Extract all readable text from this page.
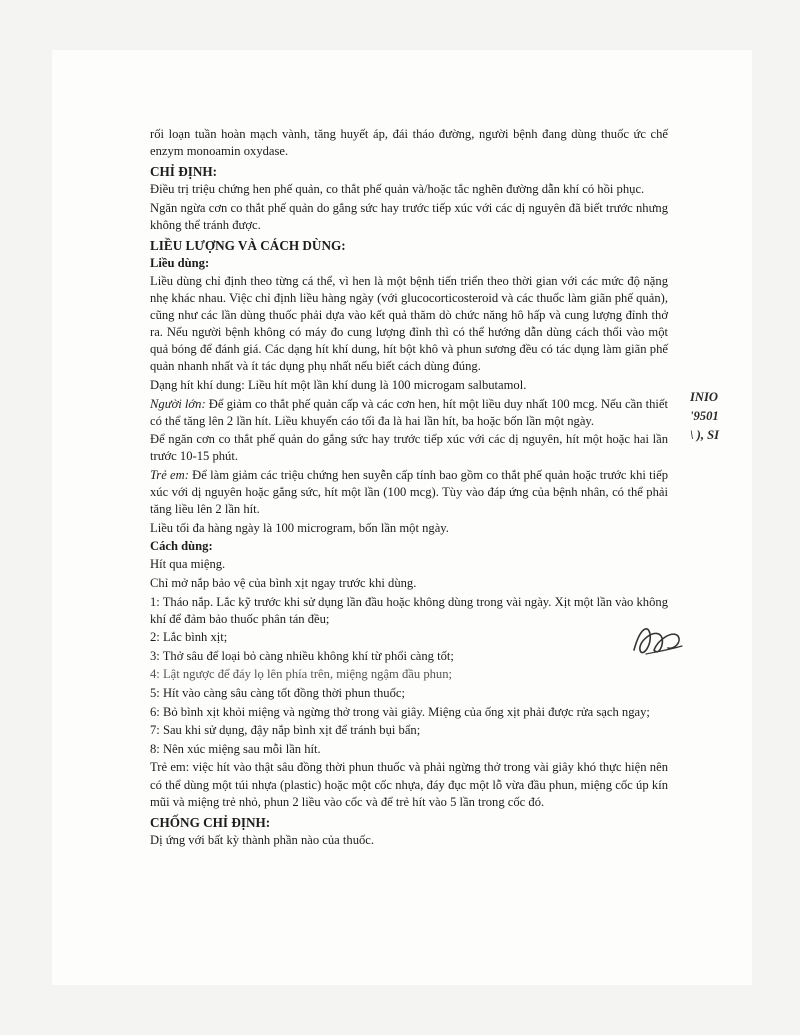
rối loạn tuần hoàn mạch vành, tăng huyết áp, đái tháo đường, người bệnh đang dùng thuốc ức chế enzym monoamin oxydase.

CHỈ ĐỊNH:

Điều trị triệu chứng hen phế quản, co thắt phế quản và/hoặc tắc nghẽn đường dẫn khí có hồi phục.

Ngăn ngừa cơn co thắt phế quản do gắng sức hay trước tiếp xúc với các dị nguyên đã biết trước nhưng không thể tránh được.

LIỀU LƯỢNG VÀ CÁCH DÙNG:
Liều dùng:

Liều dùng chỉ định theo từng cá thể, vì hen là một bệnh tiến triển theo thời gian với các mức độ nặng nhẹ khác nhau. Việc chỉ định liều hàng ngày (với glucocorticosteroid và các thuốc làm giãn phế quản), cũng như các lần dùng thuốc phải dựa vào kết quả thăm dò chức năng hô hấp và cung lượng đỉnh thở ra. Nếu người bệnh không có máy đo cung lượng đỉnh thì có thể hướng dẫn dùng cách thổi vào một quả bóng để đánh giá. Các dạng hít khí dung, hít bột khô và phun sương đều có tác dụng làm giãn phế quản nhanh nhất và ít tác dụng phụ nhất nếu biết cách dùng đúng.

Dạng hít khí dung: Liều hít một lần khí dung là 100 microgam salbutamol.

Người lớn: Để giảm co thắt phế quản cấp và các cơn hen, hít một liều duy nhất 100 mcg. Nếu cần thiết có thể tăng lên 2 lần hít. Liều khuyến cáo tối đa là hai lần hít, ba hoặc bốn lần một ngày.

Để ngăn cơn co thắt phế quản do gắng sức hay trước tiếp xúc với các dị nguyên, hít một hoặc hai lần trước 10-15 phút.

Trẻ em: Để làm giảm các triệu chứng hen suyễn cấp tính bao gồm co thắt phế quản hoặc trước khi tiếp xúc với dị nguyên hoặc gắng sức, hít một lần (100 mcg). Tùy vào đáp ứng của bệnh nhân, có thể phải tăng liều lên 2 lần hít.

Liều tối đa hàng ngày là 100 microgram, bốn lần một ngày.

Cách dùng:

Hít qua miệng.

Chỉ mở nắp bảo vệ của bình xịt ngay trước khi dùng.

1: Tháo nắp. Lắc kỹ trước khi sử dụng lần đầu hoặc không dùng trong vài ngày. Xịt một lần vào không khí để đảm bảo thuốc phân tán đều;

2: Lắc bình xịt;

3: Thở sâu để loại bỏ càng nhiều không khí từ phổi càng tốt;

4: Lật ngược để đáy lọ lên phía trên, miệng ngậm đầu phun;

5: Hít vào càng sâu càng tốt đồng thời phun thuốc;

6: Bỏ bình xịt khỏi miệng và ngừng thở trong vài giây. Miệng của ống xịt phải được rửa sạch ngay;

7: Sau khi sử dụng, đậy nắp bình xịt để tránh bụi bẩn;

8: Nên xúc miệng sau mỗi lần hít.

Trẻ em: việc hít vào thật sâu đồng thời phun thuốc và phải ngừng thở trong vài giây khó thực hiện nên có thể dùng một túi nhựa (plastic) hoặc một cốc nhựa, đáy đục một lỗ vừa đầu phun, miệng cốc úp kín mũi và miệng trẻ nhỏ, phun 2 liều vào cốc và để trẻ hít vào 5 lần trong cốc đó.

CHỐNG CHỈ ĐỊNH:

Dị ứng với bất kỳ thành phần nào của thuốc.

INIO
'9501
\ ), SI
